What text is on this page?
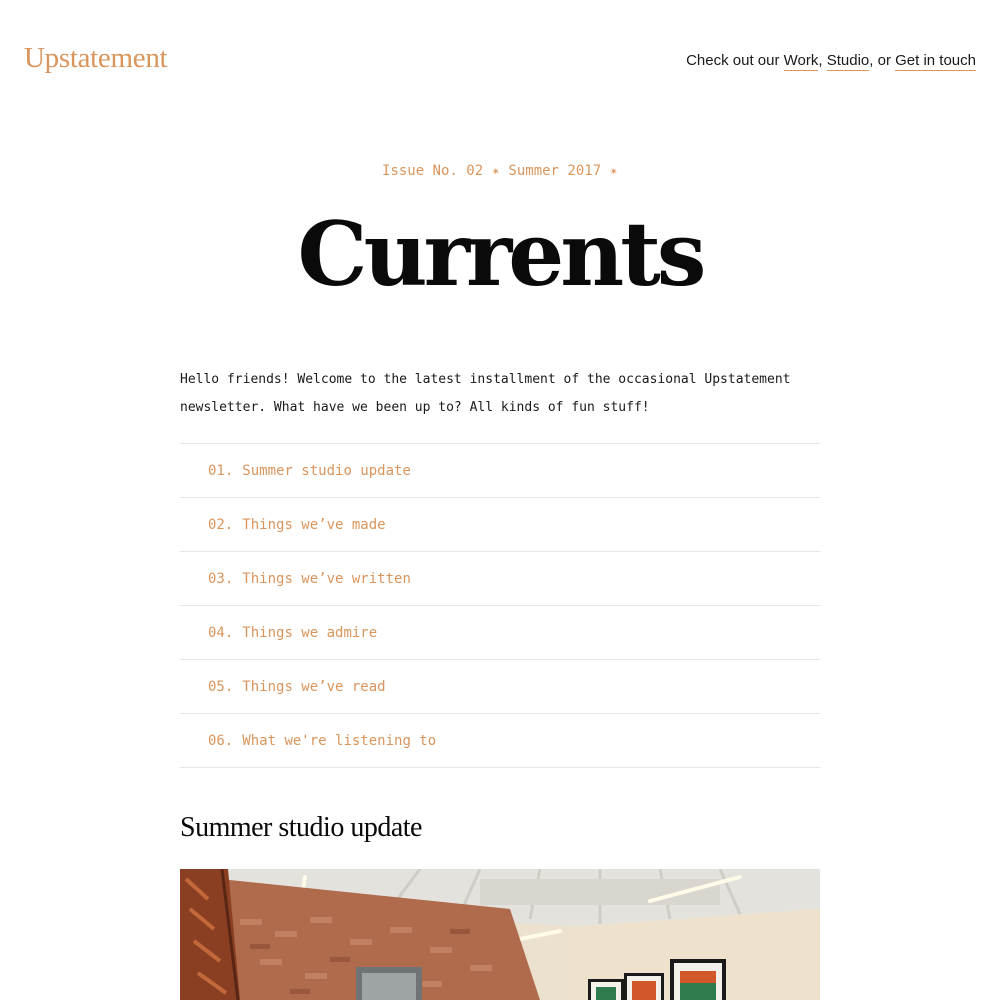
Upstatement	Check out our Work, Studio, or Get in touch
Issue No. 02 ✴ Summer 2017 ✴
Currents

Hello friends! Welcome to the latest installment of the occasional Upstatement newsletter. What have we been up to? All kinds of fun stuff!

01. Summer studio update
02. Things we’ve made
03. Things we’ve written
04. Things we admire
05. Things we’ve read
06. What we're listening to
Summer studio update
